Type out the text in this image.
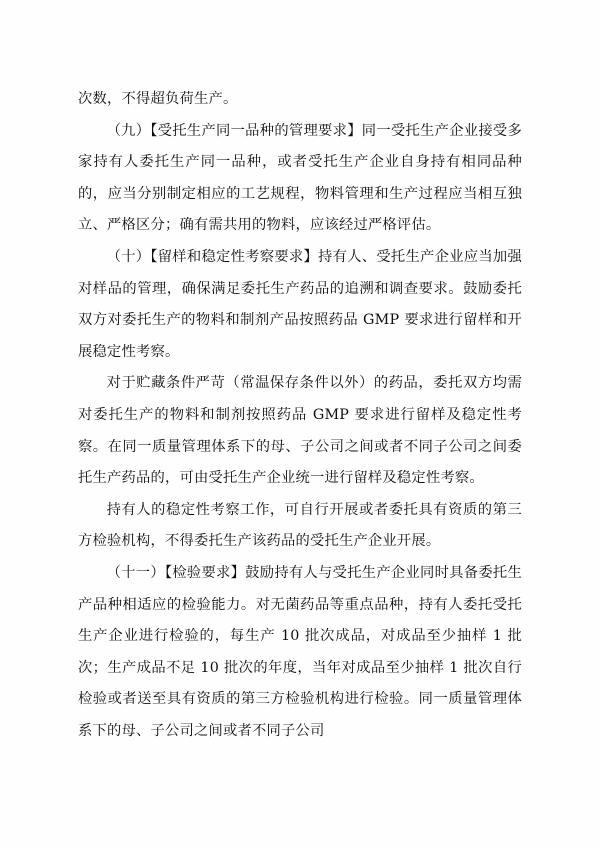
次数，不得超负荷生产。

（九）【受托生产同一品种的管理要求】同一受托生产企业接受多家持有人委托生产同一品种，或者受托生产企业自身持有相同品种的，应当分别制定相应的工艺规程，物料管理和生产过程应当相互独立、严格区分；确有需共用的物料，应该经过严格评估。

（十）【留样和稳定性考察要求】持有人、受托生产企业应当加强对样品的管理，确保满足委托生产药品的追溯和调查要求。鼓励委托双方对委托生产的物料和制剂产品按照药品 GMP 要求进行留样和开展稳定性考察。

对于贮藏条件严苛（常温保存条件以外）的药品，委托双方均需对委托生产的物料和制剂按照药品 GMP 要求进行留样及稳定性考察。在同一质量管理体系下的母、子公司之间或者不同子公司之间委托生产药品的，可由受托生产企业统一进行留样及稳定性考察。

持有人的稳定性考察工作，可自行开展或者委托具有资质的第三方检验机构，不得委托生产该药品的受托生产企业开展。

（十一）【检验要求】鼓励持有人与受托生产企业同时具备委托生产品种相适应的检验能力。对无菌药品等重点品种，持有人委托受托生产企业进行检验的，每生产 10 批次成品，对成品至少抽样 1 批次；生产成品不足 10 批次的年度，当年对成品至少抽样 1 批次自行检验或者送至具有资质的第三方检验机构进行检验。同一质量管理体系下的母、子公司之间或者不同子公司
